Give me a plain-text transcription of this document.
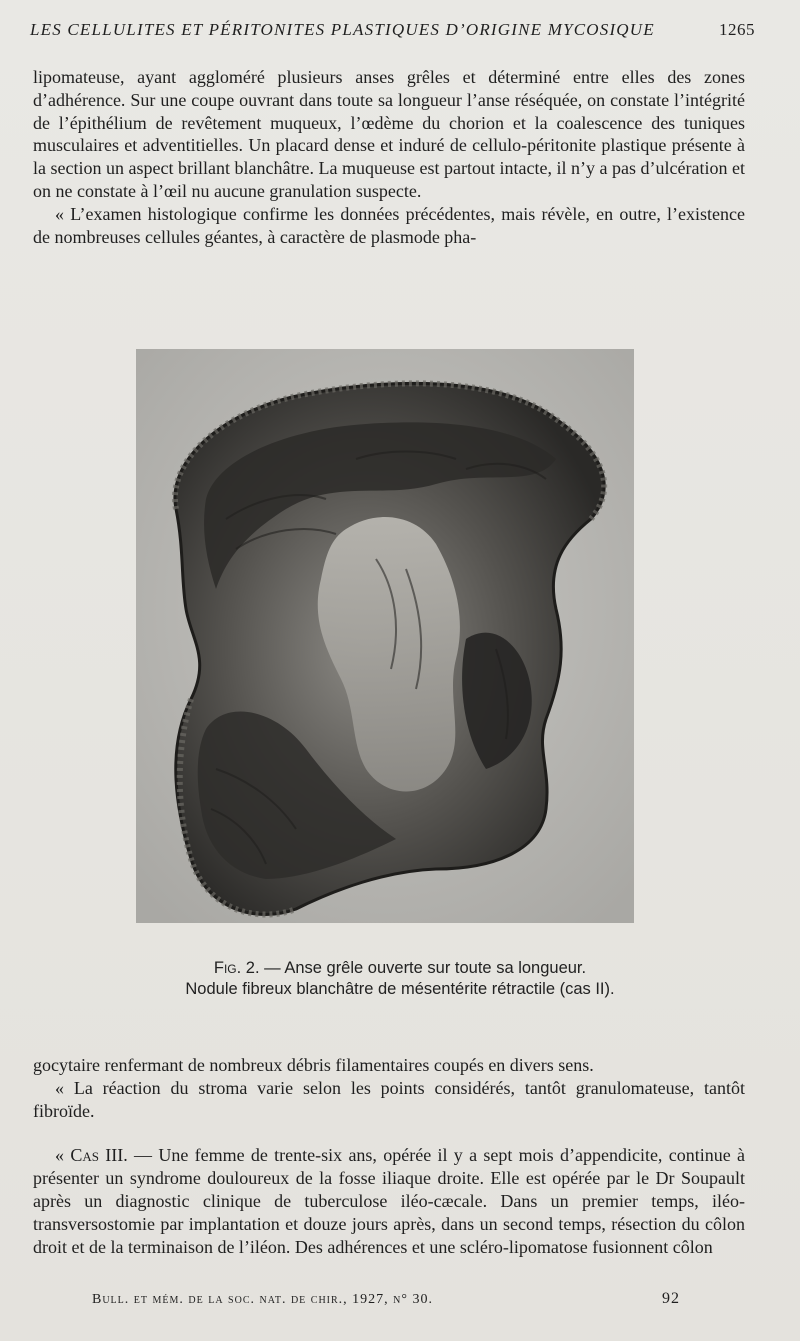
LES CELLULITES ET PÉRITONITES PLASTIQUES D’ORIGINE MYCOSIQUE	1265

lipomateuse, ayant aggloméré plusieurs anses grêles et déterminé entre elles des zones d’adhérence. Sur une coupe ouvrant dans toute sa longueur l’anse réséquée, on constate l’intégrité de l’épithélium de revêtement muqueux, l’œdème du chorion et la coalescence des tuniques musculaires et adventitielles. Un placard dense et induré de cellulo-péritonite plastique présente à la section un aspect brillant blanchâtre. La muqueuse est partout intacte, il n’y a pas d’ulcération et on ne constate à l’œil nu aucune granulation suspecte.

« L’examen histologique confirme les données précédentes, mais révèle, en outre, l’existence de nombreuses cellules géantes, à caractère de plasmode pha-

Fig. 2. — Anse grêle ouverte sur toute sa longueur.
Nodule fibreux blanchâtre de mésentérite rétractile (cas II).

gocytaire renfermant de nombreux débris filamentaires coupés en divers sens.

« La réaction du stroma varie selon les points considérés, tantôt granulomateuse, tantôt fibroïde.

« Cas III. — Une femme de trente-six ans, opérée il y a sept mois d’appendicite, continue à présenter un syndrome douloureux de la fosse iliaque droite. Elle est opérée par le Dr Soupault après un diagnostic clinique de tuberculose iléo-cæcale. Dans un premier temps, iléo-transversostomie par implantation et douze jours après, dans un second temps, résection du côlon droit et de la terminaison de l’iléon. Des adhérences et une scléro-lipomatose fusionnent côlon

Bull. et mém. de la soc. nat. de chir., 1927, n° 30.	92
